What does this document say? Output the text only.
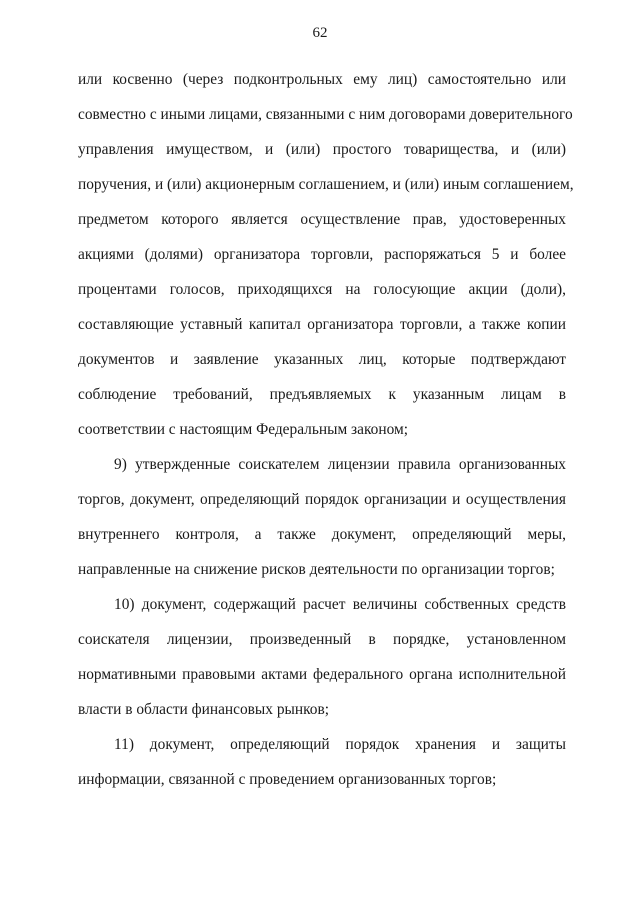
62
или косвенно (через подконтрольных ему лиц) самостоятельно или
совместно с иными лицами, связанными с ним договорами доверительного
управления имуществом, и (или) простого товарищества, и (или)
поручения, и (или) акционерным соглашением, и (или) иным соглашением,
предметом которого является осуществление прав, удостоверенных
акциями (долями) организатора торговли, распоряжаться 5 и более
процентами голосов, приходящихся на голосующие акции (доли),
составляющие уставный капитал организатора торговли, а также копии
документов и заявление указанных лиц, которые подтверждают
соблюдение требований, предъявляемых к указанным лицам в
соответствии с настоящим Федеральным законом;
9) утвержденные соискателем лицензии правила организованных
торгов, документ, определяющий порядок организации и осуществления
внутреннего контроля, а также документ, определяющий меры,
направленные на снижение рисков деятельности по организации торгов;
10) документ, содержащий расчет величины собственных средств
соискателя лицензии, произведенный в порядке, установленном
нормативными правовыми актами федерального органа исполнительной
власти в области финансовых рынков;
11) документ, определяющий порядок хранения и защиты
информации, связанной с проведением организованных торгов;
